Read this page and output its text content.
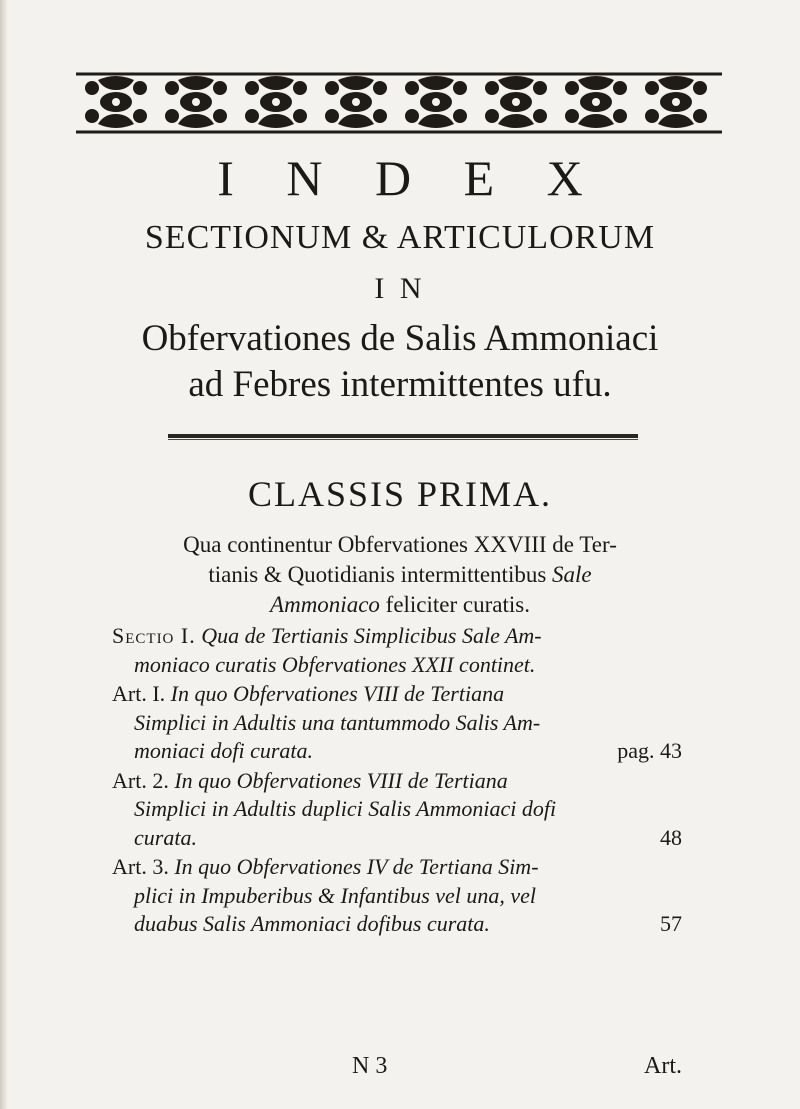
I N D E X
SECTIONUM & ARTICULORUM
I N
Obfervationes de Salis Ammoniaci
ad Febres intermittentes ufu.
CLASSIS PRIMA.
Qua continentur Obfervationes XXVIII de Ter-
tianis & Quotidianis intermittentibus Sale
Ammoniaco feliciter curatis.
Sectio I. Qua de Tertianis Simplicibus Sale Am-
moniaco curatis Obfervationes XXII continet.
Art. I. In quo Obfervationes VIII de Tertiana
Simplici in Adultis una tantummodo Salis Am-
moniaci dofi curata.	pag. 43
Art. 2. In quo Obfervationes VIII de Tertiana
Simplici in Adultis duplici Salis Ammoniaci dofi
curata.	48
Art. 3. In quo Obfervationes IV de Tertiana Sim-
plici in Impuberibus & Infantibus vel una, vel
duabus Salis Ammoniaci dofibus curata.	57
N 3	Art.
